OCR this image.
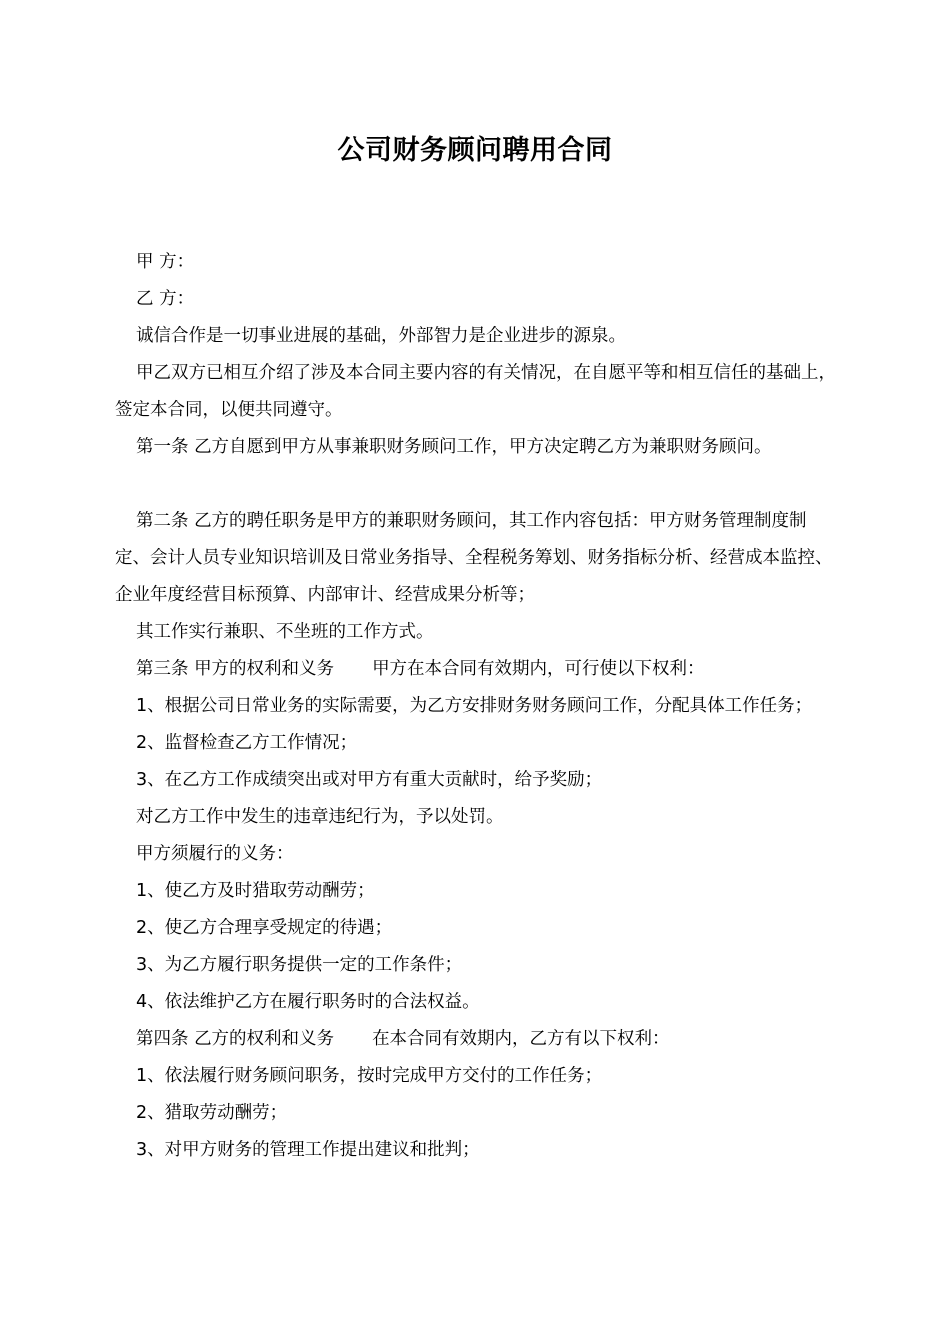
公司财务顾问聘用合同

甲 方：

乙 方：

诚信合作是一切事业进展的基础，外部智力是企业进步的源泉。

甲乙双方已相互介绍了涉及本合同主要内容的有关情况，在自愿平等和相互信任的基础上，签定本合同，以便共同遵守。

第一条 乙方自愿到甲方从事兼职财务顾问工作，甲方决定聘乙方为兼职财务顾问。

第二条 乙方的聘任职务是甲方的兼职财务顾问，其工作内容包括：甲方财务管理制度制定、会计人员专业知识培训及日常业务指导、全程税务筹划、财务指标分析、经营成本监控、企业年度经营目标预算、内部审计、经营成果分析等；

其工作实行兼职、不坐班的工作方式。

第三条 甲方的权利和义务 甲方在本合同有效期内，可行使以下权利：

1、根据公司日常业务的实际需要，为乙方安排财务财务顾问工作，分配具体工作任务；

2、监督检查乙方工作情况；

3、在乙方工作成绩突出或对甲方有重大贡献时，给予奖励；

对乙方工作中发生的违章违纪行为，予以处罚。

甲方须履行的义务：

1、使乙方及时猎取劳动酬劳；

2、使乙方合理享受规定的待遇；

3、为乙方履行职务提供一定的工作条件；

4、依法维护乙方在履行职务时的合法权益。

第四条 乙方的权利和义务 在本合同有效期内，乙方有以下权利：

1、依法履行财务顾问职务，按时完成甲方交付的工作任务；

2、猎取劳动酬劳；

3、对甲方财务的管理工作提出建议和批判；
